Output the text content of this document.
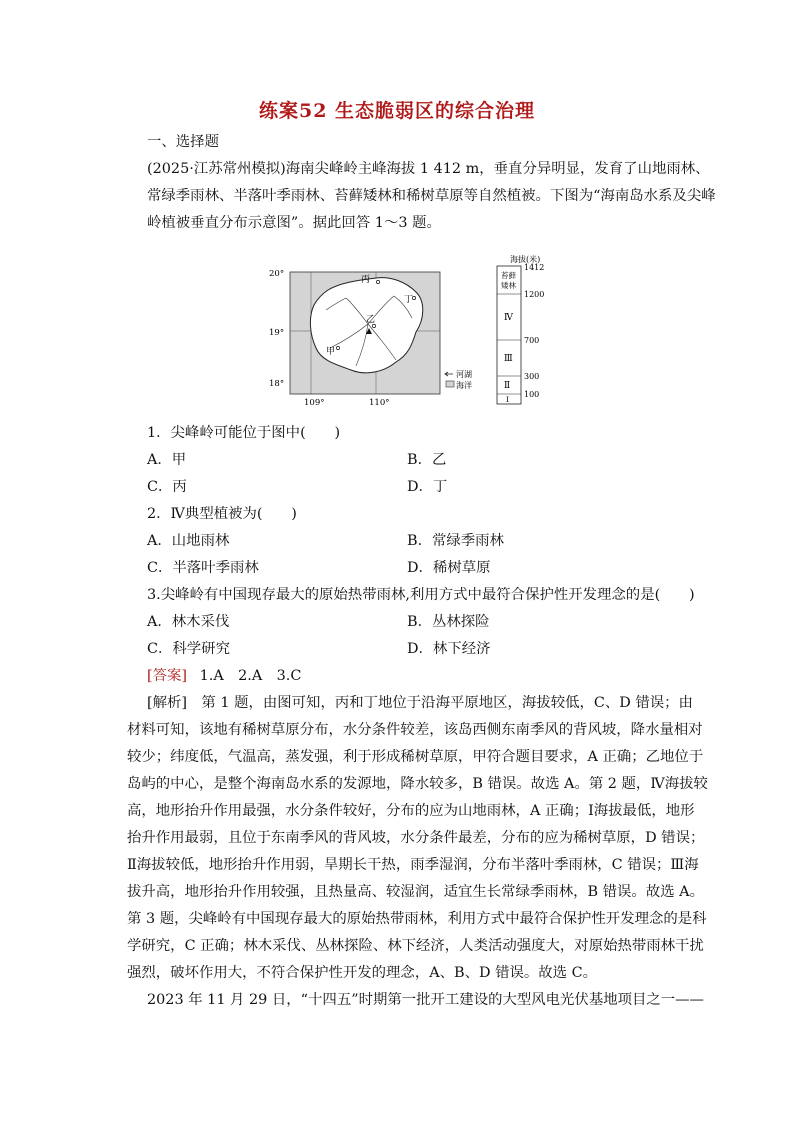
练案52 生态脆弱区的综合治理
一、选择题
(2025·江苏常州模拟)海南尖峰岭主峰海拔 1 412 m，垂直分异明显，发育了山地雨林、
常绿季雨林、半落叶季雨林、苔藓矮林和稀树草原等自然植被。下图为“海南岛水系及尖峰
岭植被垂直分布示意图”。据此回答 1～3 题。
20°
19°
18°
109°	110°
丙
丁
甲
乙
河湖
海洋
海拔(米)
苔藓
矮林
Ⅳ
Ⅲ
Ⅱ
Ⅰ
1412
1200
700
300
100
1．尖峰岭可能位于图中(　　)
A．甲	B．乙
C．丙	D．丁
2．Ⅳ典型植被为(　　)
A．山地雨林	B．常绿季雨林
C．半落叶季雨林	D．稀树草原
3.尖峰岭有中国现存最大的原始热带雨林,利用方式中最符合保护性开发理念的是(　　)
A．林木采伐	B．丛林探险
C．科学研究	D．林下经济
[答案] 1.A　2.A　3.C
[解析]　第 1 题，由图可知，丙和丁地位于沿海平原地区，海拔较低，C、D 错误；由
材料可知，该地有稀树草原分布，水分条件较差，该岛西侧东南季风的背风坡，降水量相对
较少；纬度低，气温高，蒸发强，利于形成稀树草原，甲符合题目要求，A 正确；乙地位于
岛屿的中心，是整个海南岛水系的发源地，降水较多，B 错误。故选 A。第 2 题，Ⅳ海拔较
高，地形抬升作用最强，水分条件较好，分布的应为山地雨林，A 正确；Ⅰ海拔最低，地形
抬升作用最弱，且位于东南季风的背风坡，水分条件最差，分布的应为稀树草原，D 错误；
Ⅱ海拔较低，地形抬升作用弱，旱期长干热，雨季湿润，分布半落叶季雨林，C 错误；Ⅲ海
拔升高，地形抬升作用较强，且热量高、较湿润，适宜生长常绿季雨林，B 错误。故选 A。
第 3 题，尖峰岭有中国现存最大的原始热带雨林，利用方式中最符合保护性开发理念的是科
学研究，C 正确；林木采伐、丛林探险、林下经济，人类活动强度大，对原始热带雨林干扰
强烈，破坏作用大，不符合保护性开发的理念，A、B、D 错误。故选 C。
2023 年 11 月 29 日，“十四五”时期第一批开工建设的大型风电光伏基地项目之一——
